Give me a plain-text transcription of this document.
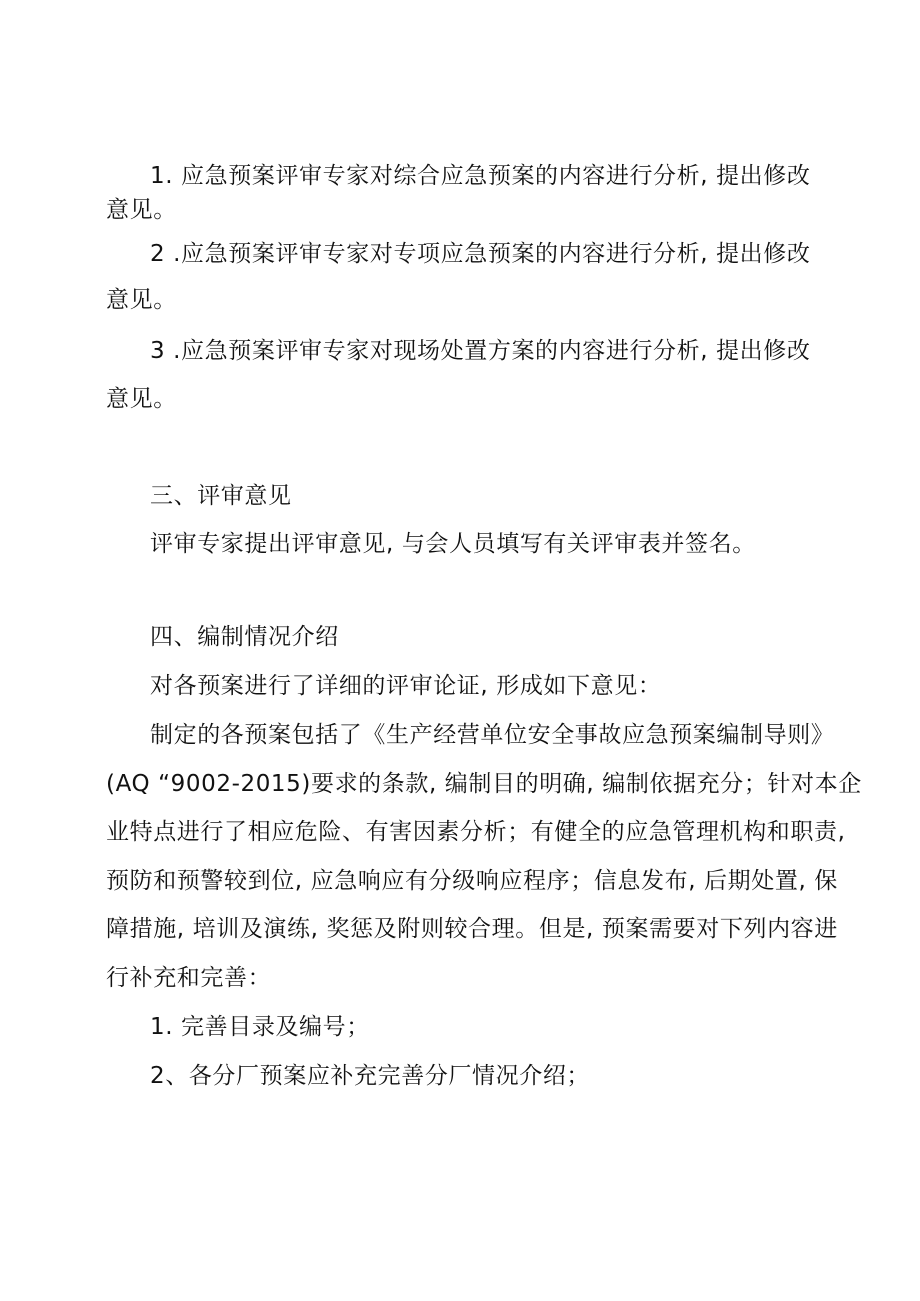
1. 应急预案评审专家对综合应急预案的内容进行分析, 提出修改
意见。
2 .应急预案评审专家对专项应急预案的内容进行分析, 提出修改
意见。
3 .应急预案评审专家对现场处置方案的内容进行分析, 提出修改
意见。
三、评审意见
评审专家提出评审意见, 与会人员填写有关评审表并签名。
四、编制情况介绍
对各预案进行了详细的评审论证, 形成如下意见：
制定的各预案包括了《生产经营单位安全事故应急预案编制导则》
(AQ “9002-2015)要求的条款, 编制目的明确, 编制依据充分；针对本企
业特点进行了相应危险、有害因素分析；有健全的应急管理机构和职责,
预防和预警较到位, 应急响应有分级响应程序；信息发布, 后期处置, 保
障措施, 培训及演练, 奖惩及附则较合理。但是, 预案需要对下列内容进
行补充和完善：
1. 完善目录及编号；
2、各分厂预案应补充完善分厂情况介绍；
